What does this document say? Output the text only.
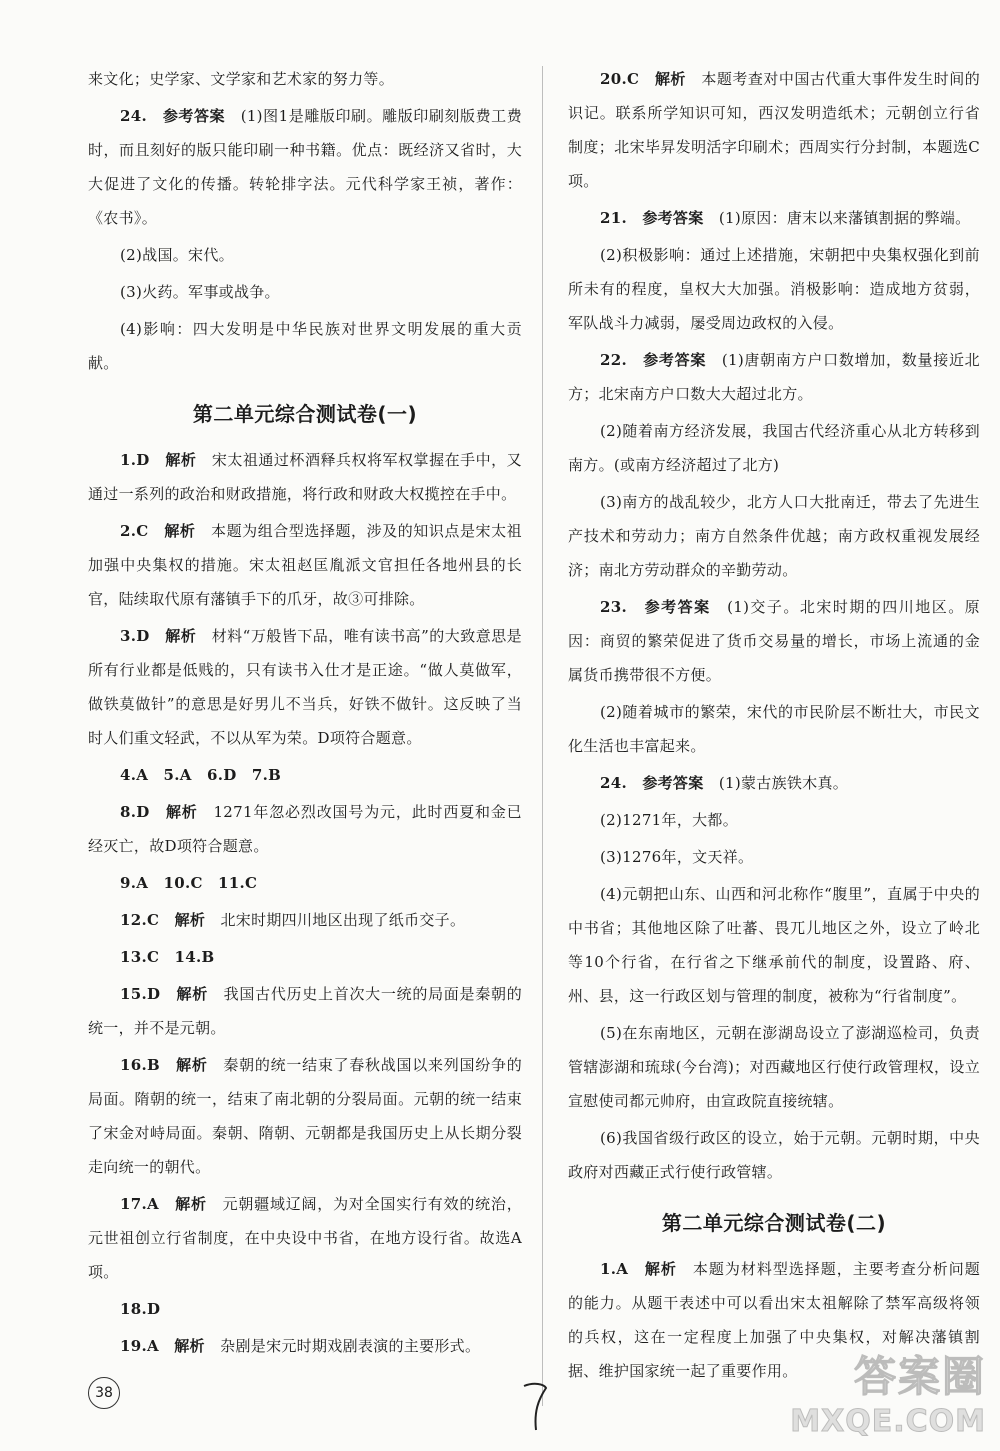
来文化；史学家、文学家和艺术家的努力等。

24.　 参考答案　 (1)图1是雕版印刷。雕版印刷刻版费工费时，而且刻好的版只能印刷一种书籍。优点：既经济又省时，大大促进了文化的传播。转轮排字法。元代科学家王祯，著作：《农书》。

(2)战国。宋代。

(3)火药。军事或战争。

(4)影响：四大发明是中华民族对世界文明发展的重大贡献。

第二单元综合测试卷(一)

1.D　 解析　 宋太祖通过杯酒释兵权将军权掌握在手中，又通过一系列的政治和财政措施，将行政和财政大权揽控在手中。

2.C　 解析　 本题为组合型选择题，涉及的知识点是宋太祖加强中央集权的措施。宋太祖赵匡胤派文官担任各地州县的长官，陆续取代原有藩镇手下的爪牙，故③可排除。

3.D　 解析　 材料“万般皆下品，唯有读书高”的大致意思是所有行业都是低贱的，只有读书入仕才是正途。“做人莫做军，做铁莫做针”的意思是好男儿不当兵，好铁不做针。这反映了当时人们重文轻武，不以从军为荣。D项符合题意。

4.A　5.A　6.D　7.B　

8.D　 解析　 1271年忽必烈改国号为元，此时西夏和金已经灭亡，故D项符合题意。

9.A　10.C　11.C　

12.C　 解析　 北宋时期四川地区出现了纸币交子。

13.C　14.B　

15.D　 解析　 我国古代历史上首次大一统的局面是秦朝的统一，并不是元朝。

16.B　 解析　 秦朝的统一结束了春秋战国以来列国纷争的局面。隋朝的统一，结束了南北朝的分裂局面。元朝的统一结束了宋金对峙局面。秦朝、隋朝、元朝都是我国历史上从长期分裂走向统一的朝代。

17.A　 解析　 元朝疆域辽阔，为对全国实行有效的统治，元世祖创立行省制度，在中央设中书省，在地方设行省。故选A项。

18.D　

19.A　 解析　 杂剧是宋元时期戏剧表演的主要形式。

20.C　 解析　 本题考查对中国古代重大事件发生时间的识记。联系所学知识可知，西汉发明造纸术；元朝创立行省制度；北宋毕昇发明活字印刷术；西周实行分封制，本题选C项。

21.　 参考答案　 (1)原因：唐末以来藩镇割据的弊端。

(2)积极影响：通过上述措施，宋朝把中央集权强化到前所未有的程度，皇权大大加强。消极影响：造成地方贫弱，军队战斗力减弱，屡受周边政权的入侵。

22.　 参考答案　 (1)唐朝南方户口数增加，数量接近北方；北宋南方户口数大大超过北方。

(2)随着南方经济发展，我国古代经济重心从北方转移到南方。(或南方经济超过了北方)

(3)南方的战乱较少，北方人口大批南迁，带去了先进生产技术和劳动力；南方自然条件优越；南方政权重视发展经济；南北方劳动群众的辛勤劳动。

23.　 参考答案　 (1)交子。北宋时期的四川地区。原因：商贸的繁荣促进了货币交易量的增长，市场上流通的金属货币携带很不方便。

(2)随着城市的繁荣，宋代的市民阶层不断壮大，市民文化生活也丰富起来。

24.　 参考答案　 (1)蒙古族铁木真。

(2)1271年，大都。

(3)1276年，文天祥。

(4)元朝把山东、山西和河北称作“腹里”，直属于中央的中书省；其他地区除了吐蕃、畏兀儿地区之外，设立了岭北等10个行省，在行省之下继承前代的制度，设置路、府、州、县，这一行政区划与管理的制度，被称为“行省制度”。

(5)在东南地区，元朝在澎湖岛设立了澎湖巡检司，负责管辖澎湖和琉球(今台湾)；对西藏地区行使行政管理权，设立宣慰使司都元帅府，由宣政院直接统辖。

(6)我国省级行政区的设立，始于元朝。元朝时期，中央政府对西藏正式行使行政管辖。

第二单元综合测试卷(二)

1.A　 解析　 本题为材料型选择题，主要考查分析问题的能力。从题干表述中可以看出宋太祖解除了禁军高级将领的兵权，这在一定程度上加强了中央集权，对解决藩镇割据、维护国家统一起了重要作用。

38	答案圈
MXQE.COM
